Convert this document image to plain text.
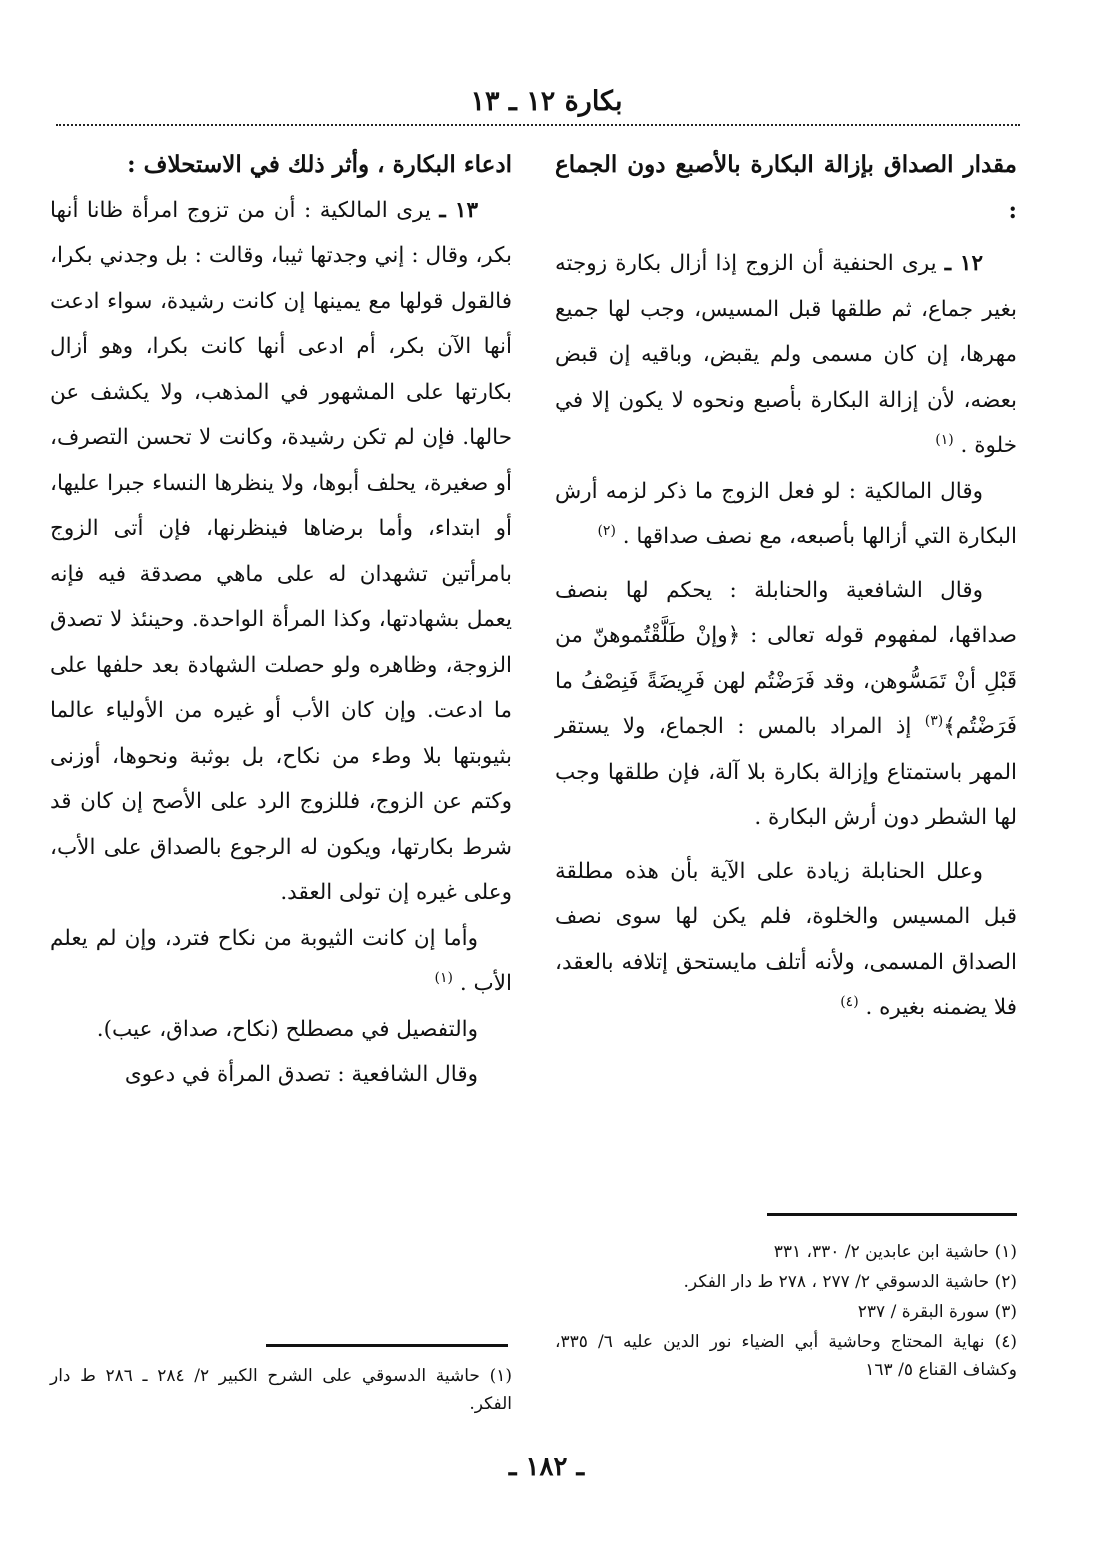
بكارة ١٢ ـ ١٣
مقدار الصداق بإزالة البكارة بالأصبع دون الجماع :

١٢ ـ يرى الحنفية أن الزوج إذا أزال بكارة زوجته بغير جماع، ثم طلقها قبل المسيس، وجب لها جميع مهرها، إن كان مسمى ولم يقبض، وباقيه إن قبض بعضه، لأن إزالة البكارة بأصبع ونحوه لا يكون إلا في خلوة . $^{(١)}$

وقال المالكية : لو فعل الزوج ما ذكر لزمه أرش البكارة التي أزالها بأصبعه، مع نصف صداقها . $^{(٢)}$

وقال الشافعية والحنابلة : يحكم لها بنصف صداقها، لمفهوم قوله تعالى : ﴿وإنْ طَلَّقْتُموهنّ من قَبْلِ أنْ تَمَسُّوهن، وقد فَرَضْتُم لهن فَرِيضَةً فَنِصْفُ ما فَرَضْتُم﴾$^{(٣)}$ إذ المراد بالمس : الجماع، ولا يستقر المهر باستمتاع وإزالة بكارة بلا آلة، فإن طلقها وجب لها الشطر دون أرش البكارة .

وعلل الحنابلة زيادة على الآية بأن هذه مطلقة قبل المسيس والخلوة، فلم يكن لها سوى نصف الصداق المسمى، ولأنه أتلف مايستحق إتلافه بالعقد، فلا يضمنه بغيره . $^{(٤)}$

ادعاء البكارة ، وأثر ذلك في الاستحلاف :

١٣ ـ يرى المالكية : أن من تزوج امرأة ظانا أنها بكر، وقال : إني وجدتها ثيبا، وقالت : بل وجدني بكرا، فالقول قولها مع يمينها إن كانت رشيدة، سواء ادعت أنها الآن بكر، أم ادعى أنها كانت بكرا، وهو أزال بكارتها على المشهور في المذهب، ولا يكشف عن حالها. فإن لم تكن رشيدة، وكانت لا تحسن التصرف، أو صغيرة، يحلف أبوها، ولا ينظرها النساء جبرا عليها، أو ابتداء، وأما برضاها فينظرنها، فإن أتى الزوج بامرأتين تشهدان له على ماهي مصدقة فيه فإنه يعمل بشهادتها، وكذا المرأة الواحدة. وحينئذ لا تصدق الزوجة، وظاهره ولو حصلت الشهادة بعد حلفها على ما ادعت. وإن كان الأب أو غيره من الأولياء عالما بثيوبتها بلا وطء من نكاح، بل بوثبة ونحوها، أوزنى وكتم عن الزوج، فللزوج الرد على الأصح إن كان قد شرط بكارتها، ويكون له الرجوع بالصداق على الأب، وعلى غيره إن تولى العقد.

وأما إن كانت الثيوبة من نكاح فترد، وإن لم يعلم الأب . $^{(١)}$

والتفصيل في مصطلح (نكاح، صداق، عيب).

وقال الشافعية : تصدق المرأة في دعوى

(١) حاشية ابن عابدين ٢/ ٣٣٠، ٣٣١
(٢) حاشية الدسوقي ٢/ ٢٧٧ ، ٢٧٨ ط دار الفكر.
(٣) سورة البقرة / ٢٣٧
(٤) نهاية المحتاج وحاشية أبي الضياء نور الدين عليه ٦/ ٣٣٥، وكشاف القناع ٥/ ١٦٣
(١) حاشية الدسوقي على الشرح الكبير ٢/ ٢٨٤ ـ ٢٨٦ ط دار الفكر.
ـ ١٨٢ ـ
